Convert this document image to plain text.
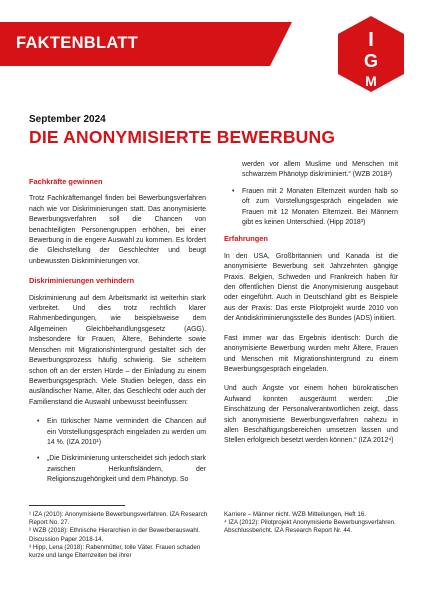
FAKTENBLATT	I
G
M
September 2024
DIE ANONYMISIERTE BEWERBUNG
Fachkräfte gewinnen

Trotz Fachkräftemangel finden bei Bewerbungsverfahren nach wie vor Diskriminierungen statt. Das anonymisierte Bewerbungsverfahren soll die Chancen von benachteiligten Personengruppen erhöhen, bei einer Bewerbung in die engere Auswahl zu kommen. Es fördert die Gleichstellung der Geschlechter und beugt unbewussten Diskriminierungen vor.

Diskriminierungen verhindern

Diskriminierung auf dem Arbeitsmarkt ist weiterhin stark verbreitet. Und dies trotz rechtlich klarer Rahmenbedingungen, wie beispielsweise dem Allgemeinen Gleichbehandlungsgesetz (AGG). Insbesondere für Frauen, Ältere, Behinderte sowie Menschen mit Migrationshintergrund gestaltet sich der Bewerbungsprozess häufig schwierig. Sie scheitern schon oft an der ersten Hürde – der Einladung zu einem Bewerbungsgespräch. Viele Studien belegen, dass ein ausländischer Name, Alter, das Geschlecht oder auch der Familienstand die Auswahl unbewusst beeinflussen:

• Ein türkischer Name vermindert die Chancen auf ein Vorstellungsgespräch eingeladen zu werden um 14 %. (IZA 2010¹)
• „Die Diskriminierung unterscheidet sich jedoch stark zwischen Herkunftsländern, der Religionszugehörigkeit und dem Phänotyp. So
werden vor allem Muslime und Menschen mit schwarzem Phänotyp diskriminiert.“ (WZB 2018²)
• Frauen mit 2 Monaten Elternzeit wurden halb so oft zum Vorstellungsgespräch eingeladen wie Frauen mit 12 Monaten Elternzeit. Bei Männern gibt es keinen Unterschied. (Hipp 2018³)
Erfahrungen

In den USA, Großbritannien und Kanada ist die anonymisierte Bewerbung seit Jahrzehnten gängige Praxis. Belgien, Schweden und Frankreich haben für den öffentlichen Dienst die Anonymisierung ausgebaut oder eingeführt. Auch in Deutschland gibt es Beispiele aus der Praxis: Das erste Pilotprojekt wurde 2010 von der Antidiskriminierungsstelle des Bundes (ADS) initiiert.

Fast immer war das Ergebnis identisch: Durch die anonymisierte Bewerbung wurden mehr Ältere, Frauen und Menschen mit Migrationshintergrund zu einem Bewerbungsgespräch eingeladen.

Und auch Ängste vor einem hohen bürokratischen Aufwand konnten ausgeräumt werden: „Die Einschätzung der Personalverantwortlichen zeigt, dass sich anonymisierte Bewerbungsverfahren nahezu in allen Beschäftigungsbereichen umsetzen lassen und Stellen erfolgreich besetzt werden können.“ (IZA 2012⁴)

¹ IZA (2010): Anonymisierte Bewerbungsverfahren. IZA Research Report No. 27.
² WZB (2018): Ethnische Hierarchien in der Bewerberauswahl. Discussion Paper 2018-14.
³ Hipp, Lena (2018): Rabenmütter, tolle Väter. Frauen schaden kurze und lange Elternzeiten bei ihrer
Karriere – Männer nicht. WZB Mitteilungen, Heft 16.
⁴ IZA (2012): Pilotprojekt Anonymisierte Bewerbungsverfahren. Abschlussbericht. IZA Research Report Nr. 44.
